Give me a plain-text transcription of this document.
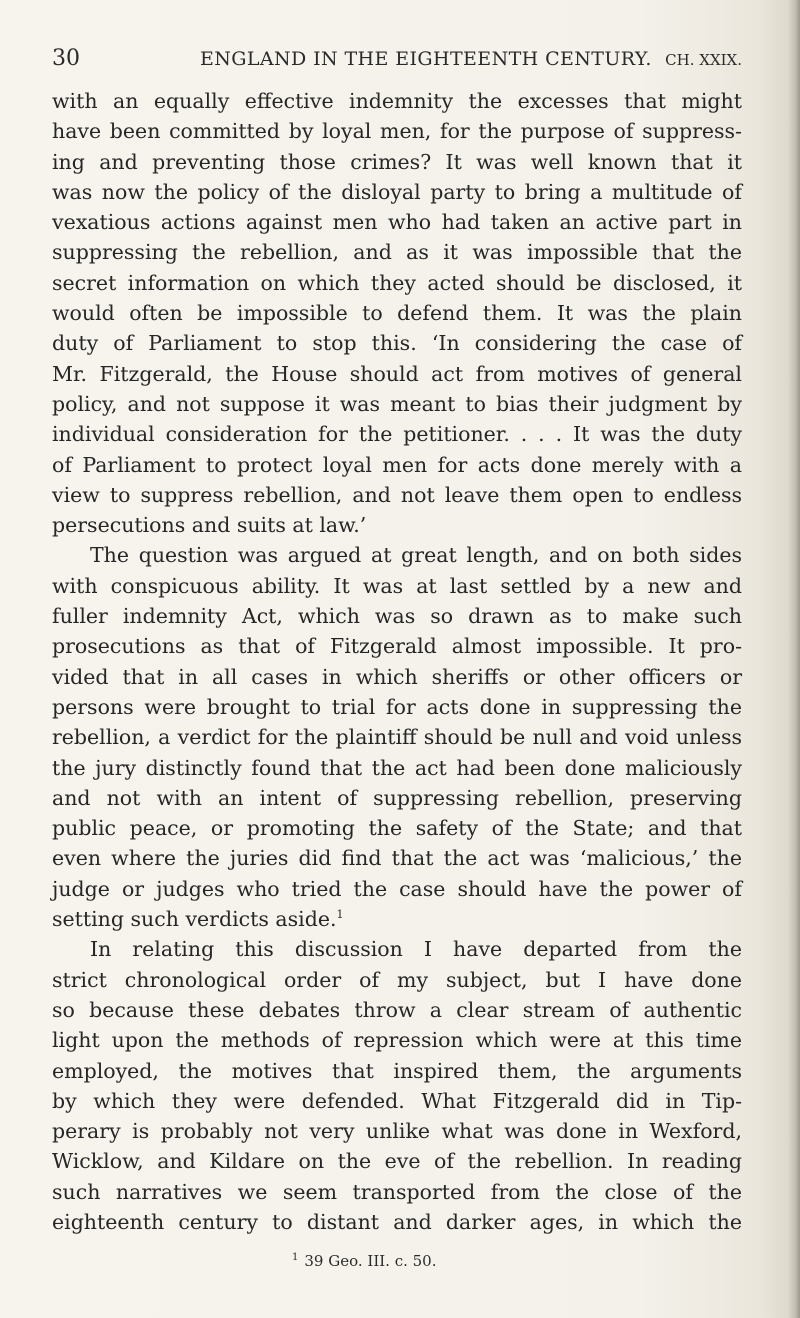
30	ENGLAND IN THE EIGHTEENTH CENTURY. CH. XXIX.
with an equally effective indemnity the excesses that might
have been committed by loyal men, for the purpose of suppress-
ing and preventing those crimes? It was well known that it
was now the policy of the disloyal party to bring a multitude of
vexatious actions against men who had taken an active part in
suppressing the rebellion, and as it was impossible that the
secret information on which they acted should be disclosed, it
would often be impossible to defend them. It was the plain
duty of Parliament to stop this. ‘In considering the case of
Mr. Fitzgerald, the House should act from motives of general
policy, and not suppose it was meant to bias their judgment by
individual consideration for the petitioner. . . . It was the duty
of Parliament to protect loyal men for acts done merely with a
view to suppress rebellion, and not leave them open to endless
persecutions and suits at law.’
The question was argued at great length, and on both sides
with conspicuous ability. It was at last settled by a new and
fuller indemnity Act, which was so drawn as to make such
prosecutions as that of Fitzgerald almost impossible. It pro-
vided that in all cases in which sheriffs or other officers or
persons were brought to trial for acts done in suppressing the
rebellion, a verdict for the plaintiff should be null and void unless
the jury distinctly found that the act had been done maliciously
and not with an intent of suppressing rebellion, preserving
public peace, or promoting the safety of the State; and that
even where the juries did find that the act was ‘malicious,’ the
judge or judges who tried the case should have the power of
setting such verdicts aside.$^1$
In relating this discussion I have departed from the
strict chronological order of my subject, but I have done
so because these debates throw a clear stream of authentic
light upon the methods of repression which were at this time
employed, the motives that inspired them, the arguments
by which they were defended. What Fitzgerald did in Tip-
perary is probably not very unlike what was done in Wexford,
Wicklow, and Kildare on the eve of the rebellion. In reading
such narratives we seem transported from the close of the
eighteenth century to distant and darker ages, in which the
$^1$ 39 Geo. III. c. 50.
